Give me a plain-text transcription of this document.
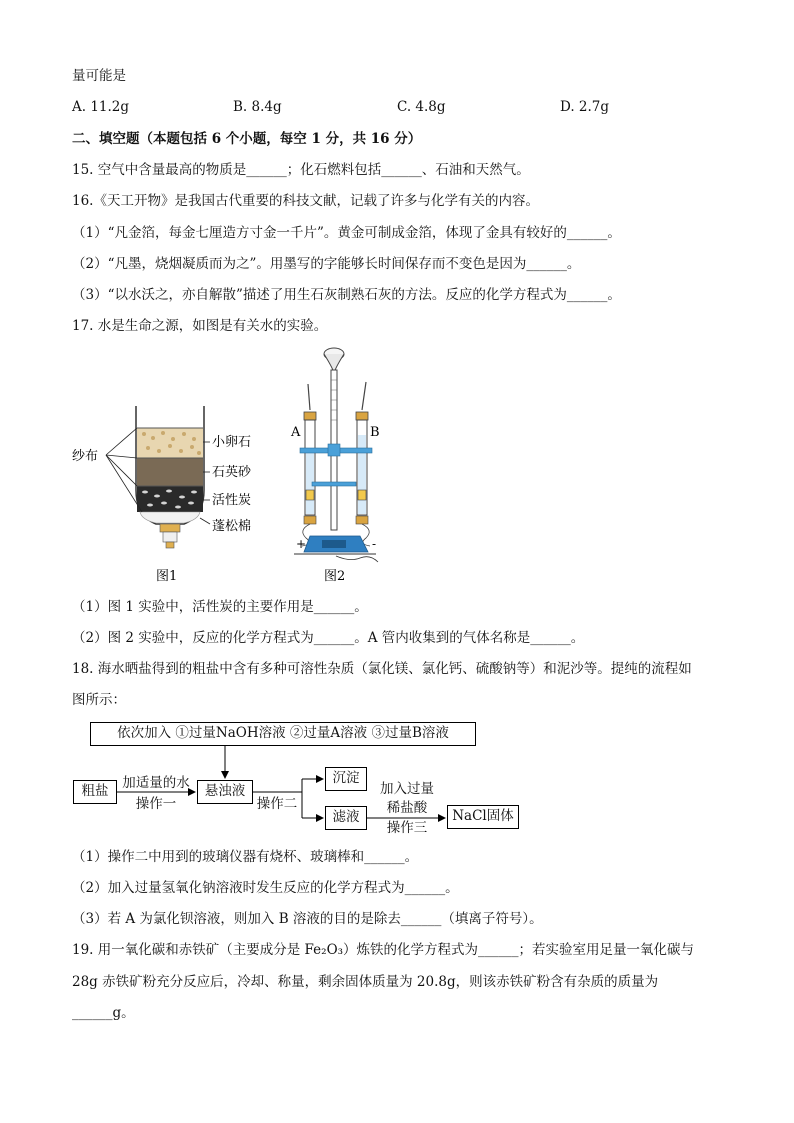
量可能是
A. 11.2g	B. 8.4g	C. 4.8g	D. 2.7g
二、填空题（本题包括 6 个小题，每空 1 分，共 16 分）
15. 空气中含量最高的物质是______；化石燃料包括______、石油和天然气。
16.《天工开物》是我国古代重要的科技文献，记载了许多与化学有关的内容。
（1）“凡金箔，每金七厘造方寸金一千片”。黄金可制成金箔，体现了金具有较好的______。
（2）“凡墨，烧烟凝质而为之”。用墨写的字能够长时间保存而不变色是因为______。
（3）“以水沃之，亦自解散”描述了用生石灰制熟石灰的方法。反应的化学方程式为______。
17. 水是生命之源，如图是有关水的实验。
纱布
小卵石
石英砂
活性炭
蓬松棉
图1
A	B
+	-
图2
（1）图 1 实验中，活性炭的主要作用是______。
（2）图 2 实验中，反应的化学方程式为______。A 管内收集到的气体名称是______。
18. 海水晒盐得到的粗盐中含有多种可溶性杂质（氯化镁、氯化钙、硫酸钠等）和泥沙等。提纯的流程如
图所示：
依次加入 ①过量NaOH溶液 ②过量A溶液 ③过量B溶液
粗盐	悬浊液
沉淀
滤液	NaCl固体
加适量的水
操作一	操作二
加入过量
稀盐酸
操作三
（1）操作二中用到的玻璃仪器有烧杯、玻璃棒和______。
（2）加入过量氢氧化钠溶液时发生反应的化学方程式为______。
（3）若 A 为氯化钡溶液，则加入 B 溶液的目的是除去______（填离子符号）。
19. 用一氧化碳和赤铁矿（主要成分是 Fe₂O₃）炼铁的化学方程式为______；若实验室用足量一氧化碳与
28g 赤铁矿粉充分反应后，冷却、称量，剩余固体质量为 20.8g，则该赤铁矿粉含有杂质的质量为
______g。
